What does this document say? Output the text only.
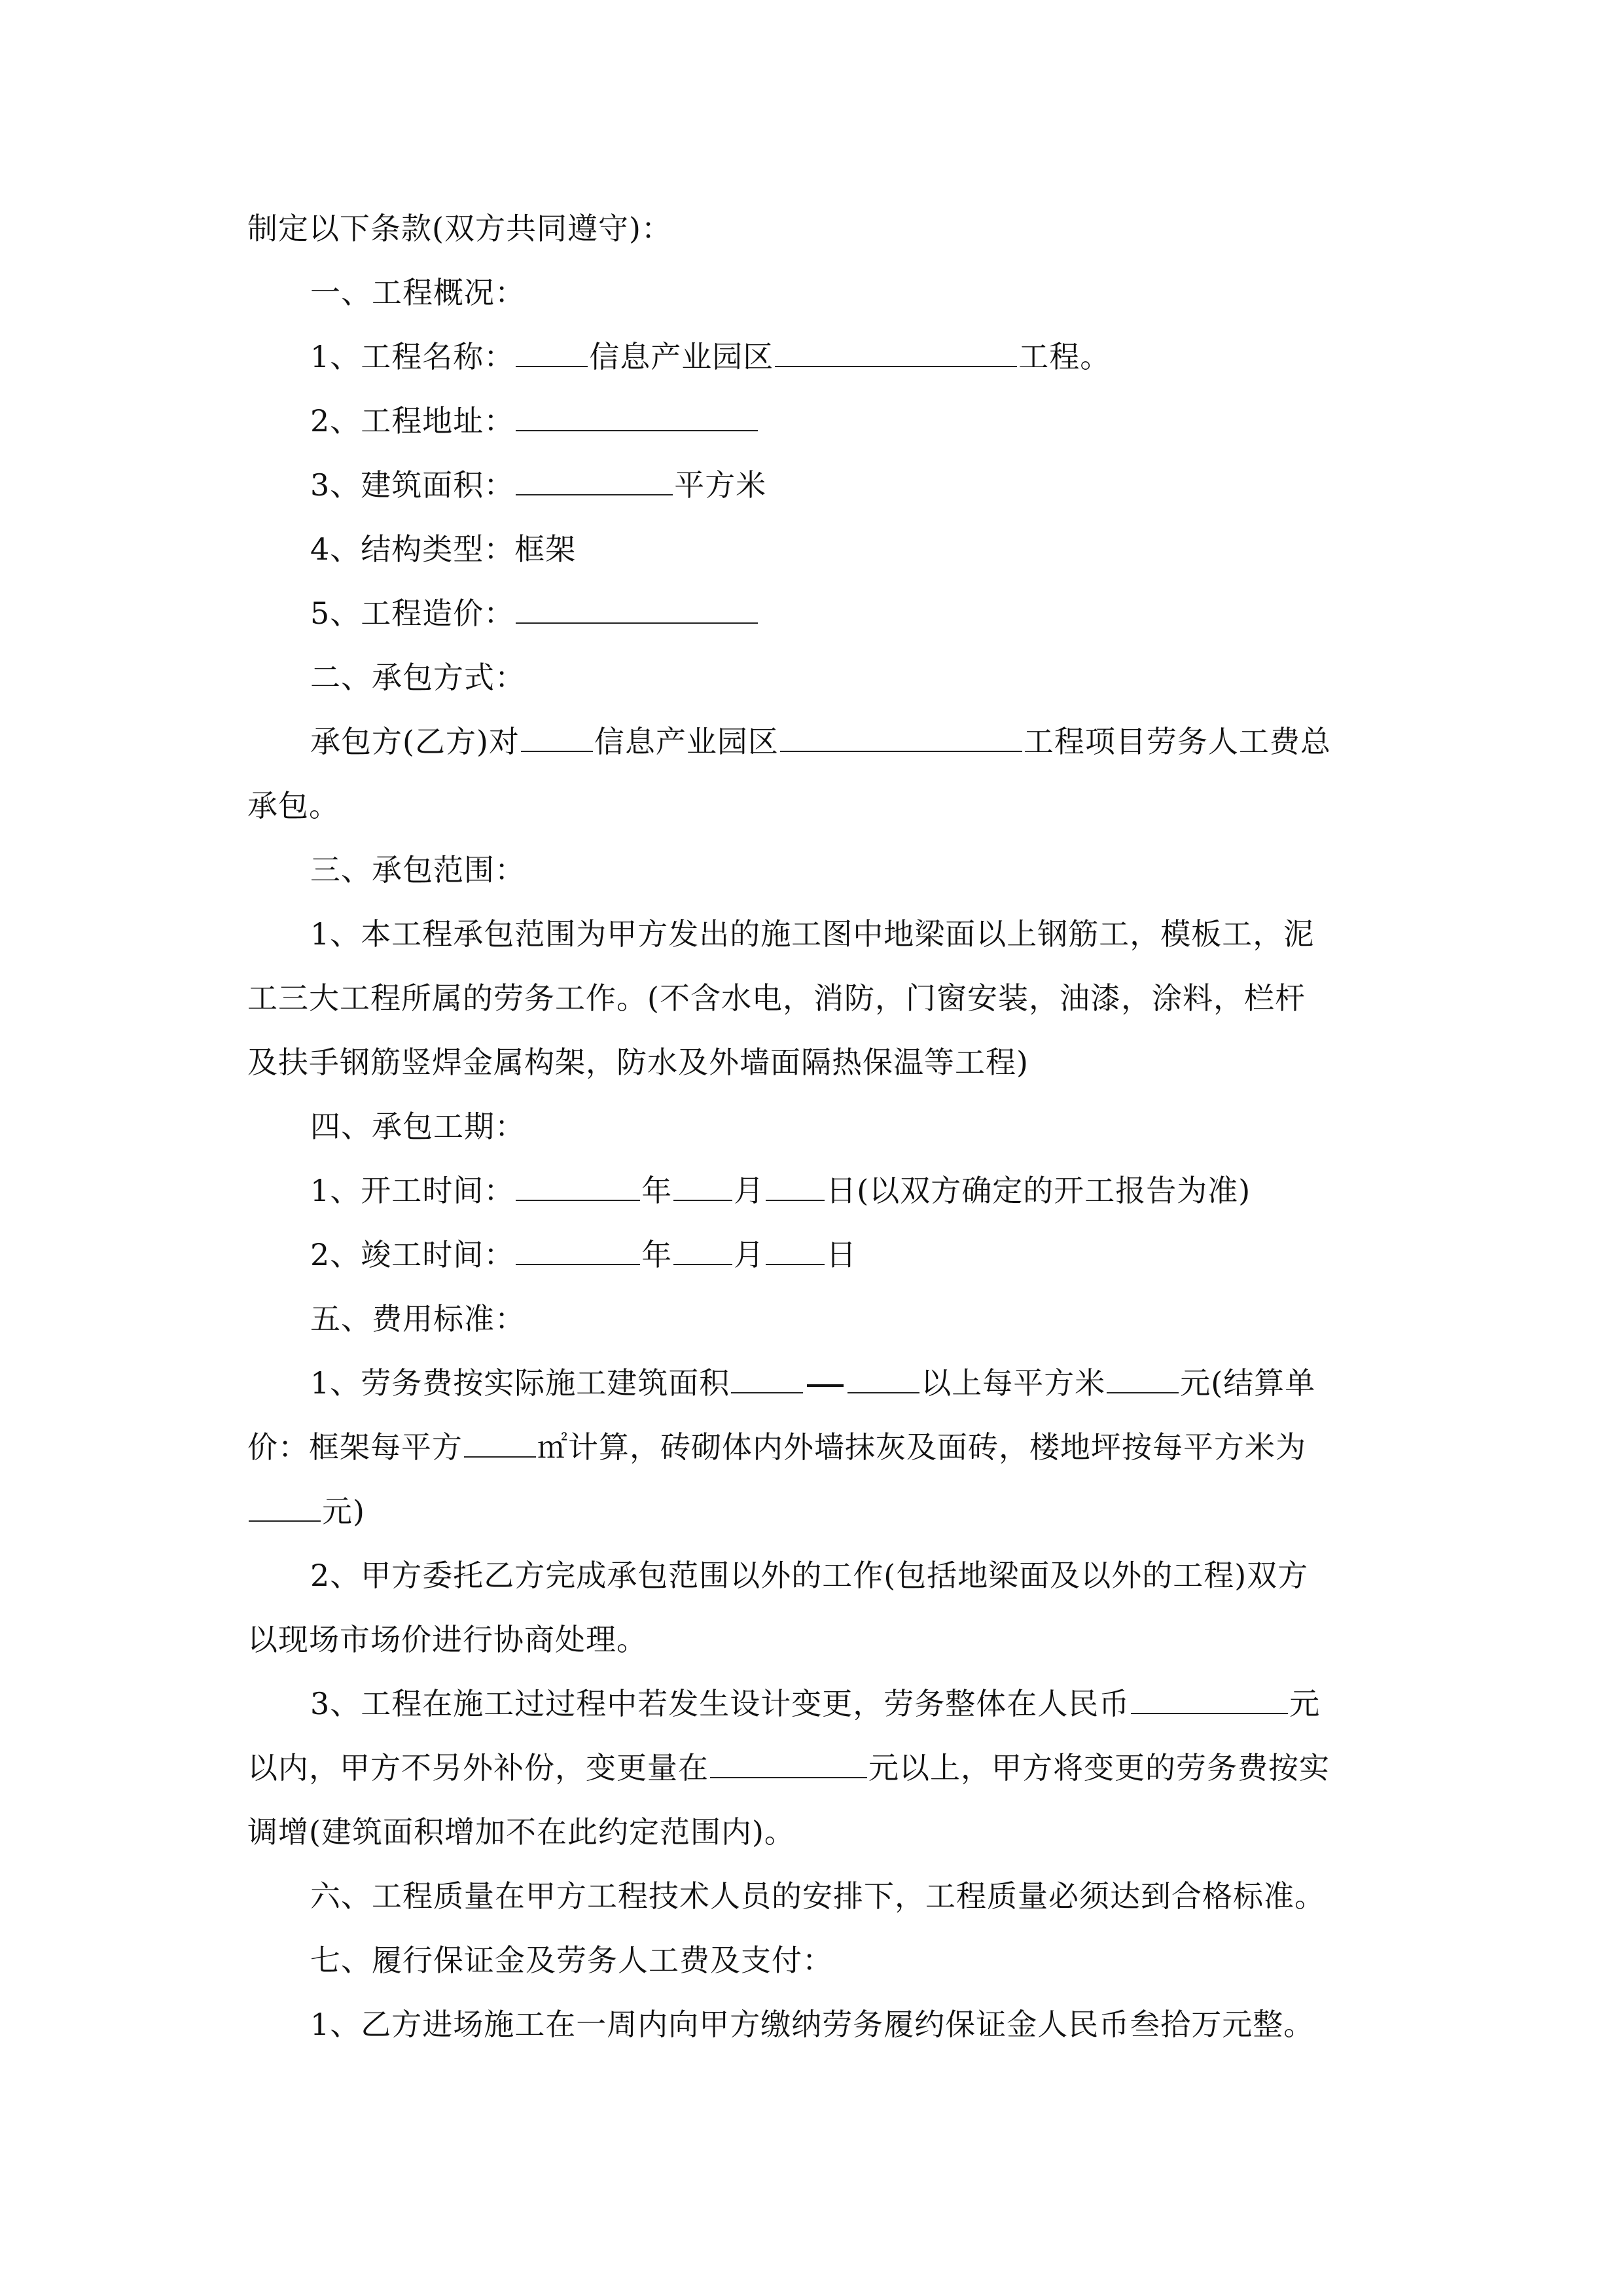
制定以下条款(双方共同遵守)：
一、工程概况：
1、工程名称： 信息产业园区	工程。
2、工程地址：
3、建筑面积：	平方米
4、结构类型：框架
5、工程造价：
二、承包方式：
承包方(乙方)对 信息产业园区	工程项目劳务人工费总
承包。
三、承包范围：
1、本工程承包范围为甲方发出的施工图中地梁面以上钢筋工，模板工，泥
工三大工程所属的劳务工作。(不含水电，消防，门窗安装，油漆，涂料，栏杆
及扶手钢筋竖焊金属构架，防水及外墙面隔热保温等工程)
四、承包工期：
1、开工时间：	年 月 日(以双方确定的开工报告为准)
2、竣工时间：	年 月 日
五、费用标准：
1、劳务费按实际施工建筑面积	以上每平方米 元(结算单
价：框架每平方 ㎡计算，砖砌体内外墙抹灰及面砖，楼地坪按每平方米为
元)
2、甲方委托乙方完成承包范围以外的工作(包括地梁面及以外的工程)双方
以现场市场价进行协商处理。
3、工程在施工过过程中若发生设计变更，劳务整体在人民币	元
以内，甲方不另外补份，变更量在	元以上，甲方将变更的劳务费按实
调增(建筑面积增加不在此约定范围内)。
六、工程质量在甲方工程技术人员的安排下，工程质量必须达到合格标准。
七、履行保证金及劳务人工费及支付：
1、乙方进场施工在一周内向甲方缴纳劳务履约保证金人民币叁拾万元整。
